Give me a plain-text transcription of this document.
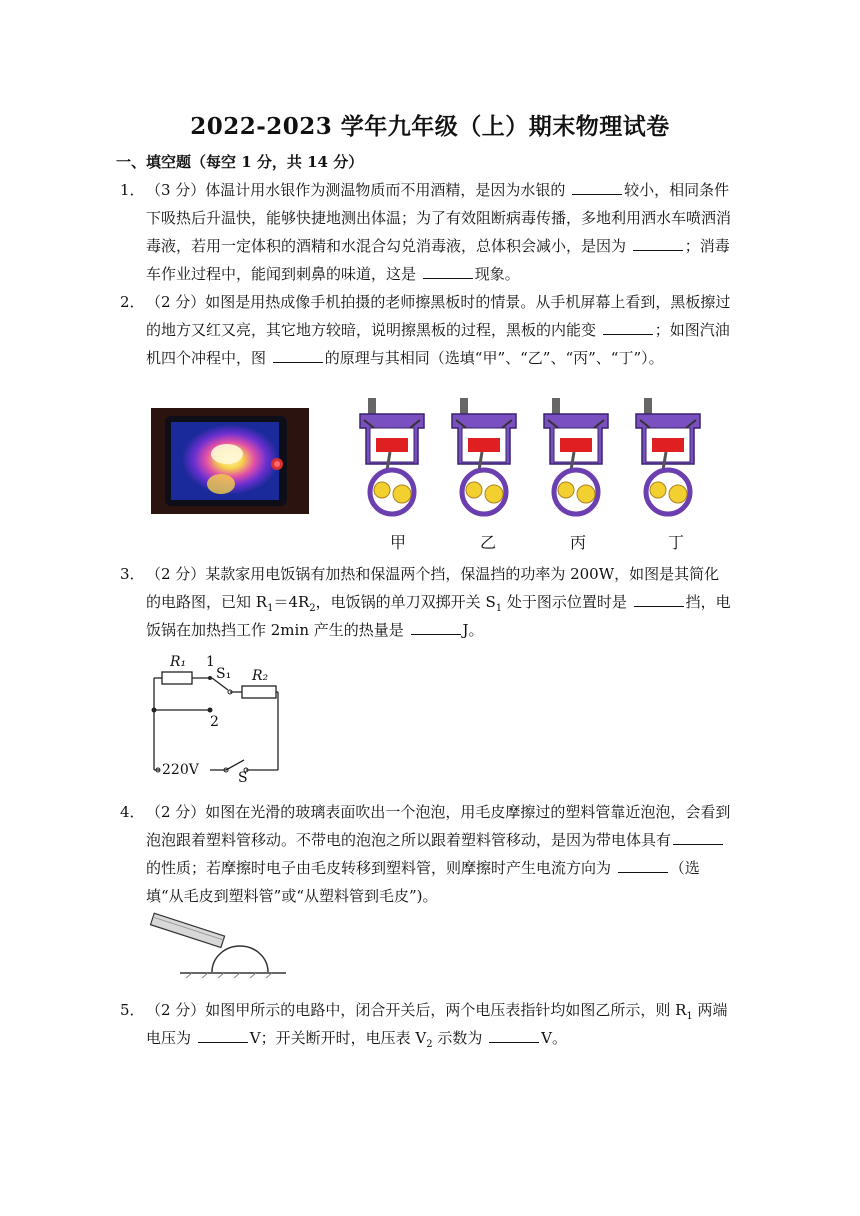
2022-2023 学年九年级（上）期末物理试卷
一、填空题（每空 1 分，共 14 分）
1． （3 分）体温计用水银作为测温物质而不用酒精，是因为水银的	较小，相同条件下吸热后升温快，能够快捷地测出体温；为了有效阻断病毒传播，多地利用洒水车喷洒消毒液，若用一定体积的酒精和水混合勾兑消毒液，总体积会减小，是因为	；消毒车作业过程中，能闻到刺鼻的味道，这是	现象。
2． （2 分）如图是用热成像手机拍摄的老师擦黑板时的情景。从手机屏幕上看到，黑板擦过的地方又红又亮，其它地方较暗，说明擦黑板的过程，黑板的内能变	；如图汽油机四个冲程中，图	的原理与其相同（选填“甲”、“乙”、“丙”、“丁”）。
甲	乙	丙	丁
3． （2 分）某款家用电饭锅有加热和保温两个挡，保温挡的功率为 200W，如图是其简化的电路图，已知 $R_1=4R_2$，电饭锅的单刀双掷开关 $S_1$ 处于图示位置时是	挡，电饭锅在加热挡工作 2min 产生的热量是	J。
R₁ 1
S₁ R₂
2
220V	S
4． （2 分）如图在光滑的玻璃表面吹出一个泡泡，用毛皮摩擦过的塑料管靠近泡泡，会看到泡泡跟着塑料管移动。不带电的泡泡之所以跟着塑料管移动，是因为带电体具有的性质；若摩擦时电子由毛皮转移到塑料管，则摩擦时产生电流方向为	（选填“从毛皮到塑料管”或“从塑料管到毛皮”)。
5． （2 分）如图甲所示的电路中，闭合开关后，两个电压表指针均如图乙所示，则 $R_1$ 两端电压为	V；开关断开时，电压表 $V_2$ 示数为	V。
